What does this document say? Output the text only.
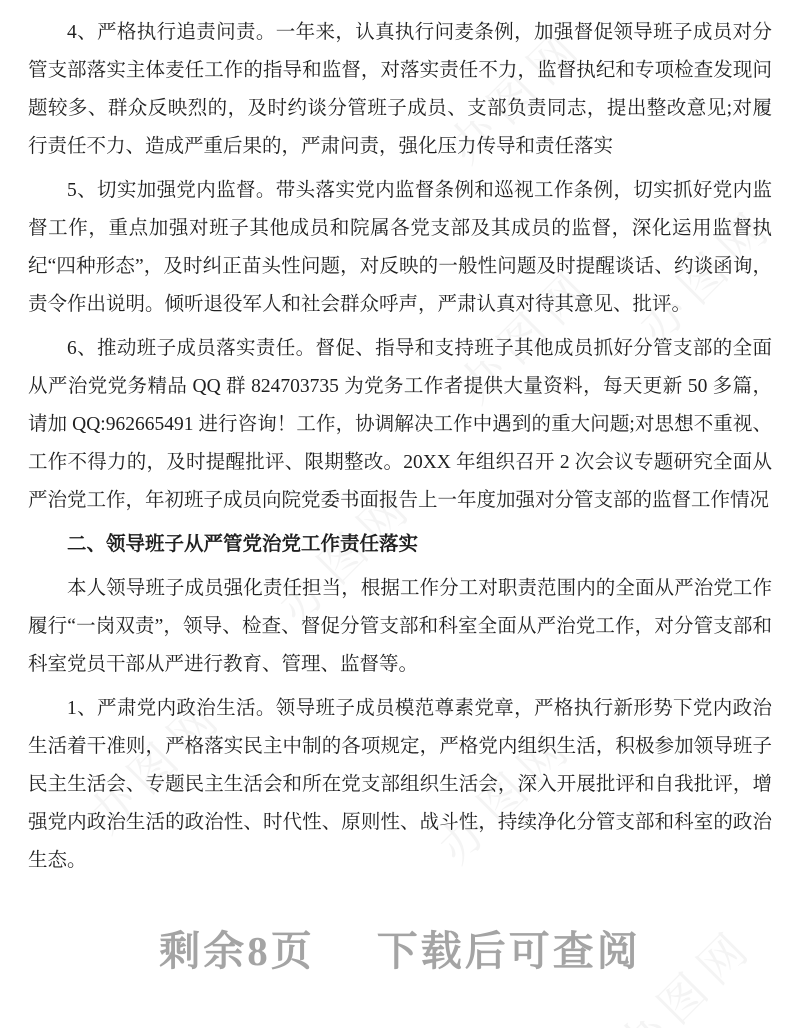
4、严格执行追责问责。一年来，认真执行问麦条例，加强督促领导班子成员对分管支部落实主体麦任工作的指导和监督，对落实责任不力，监督执纪和专项检查发现问题较多、群众反映烈的，及时约谈分管班子成员、支部负责同志，提出整改意见;对履行责任不力、造成严重后果的，严肃问责，强化压力传导和责任落实

5、切实加强党内监督。带头落实党内监督条例和巡视工作条例，切实抓好党内监督工作，重点加强对班子其他成员和院属各党支部及其成员的监督，深化运用监督执纪“四种形态”，及时纠正苗头性问题，对反映的一般性问题及时提醒谈话、约谈函询，责令作出说明。倾听退役军人和社会群众呼声，严肃认真对待其意见、批评。

6、推动班子成员落实责任。督促、指导和支持班子其他成员抓好分管支部的全面从严治党党务精品 QQ 群 824703735 为党务工作者提供大量资料，每天更新 50 多篇，请加 QQ:962665491 进行咨询！工作，协调解决工作中遇到的重大问题;对思想不重视、工作不得力的，及时提醒批评、限期整改。20XX 年组织召开 2 次会议专题研究全面从严治党工作，年初班子成员向院党委书面报告上一年度加强对分管支部的监督工作情况

二、领导班子从严管党治党工作责任落实

本人领导班子成员强化责任担当，根据工作分工对职责范围内的全面从严治党工作履行“一岗双责”，领导、检查、督促分管支部和科室全面从严治党工作，对分管支部和科室党员干部从严进行教育、管理、监督等。

1、严肃党内政治生活。领导班子成员模范尊素党章，严格执行新形势下党内政治生活着干准则，严格落实民主中制的各项规定，严格党内组织生活，积极参加领导班子民主生活会、专题民主生活会和所在党支部组织生活会，深入开展批评和自我批评，增强党内政治生活的政治性、时代性、原则性、战斗性，持续净化分管支部和科室的政治生态。

剩余8页 下载后可查阅
